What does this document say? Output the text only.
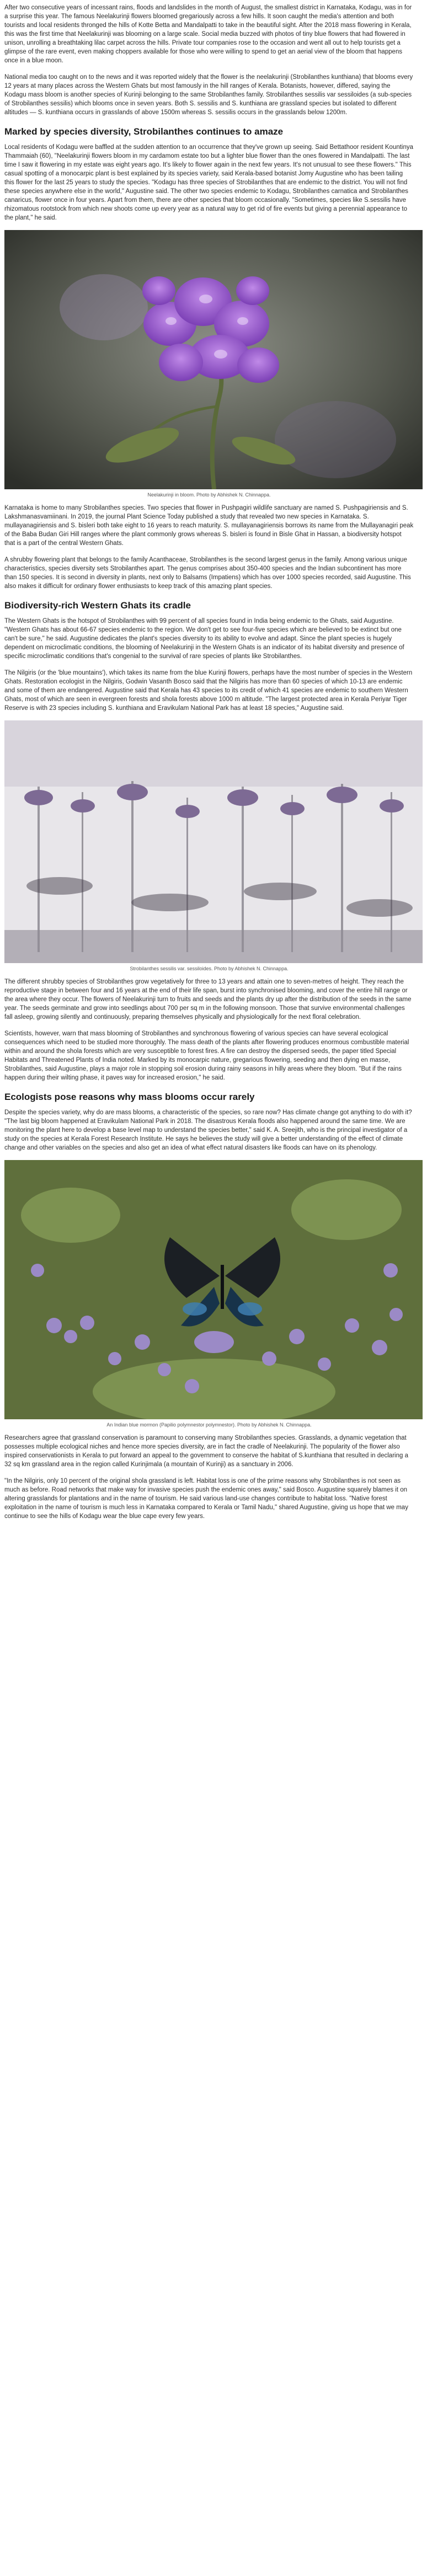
After two consecutive years of incessant rains, floods and landslides in the month of August, the smallest district in Karnataka, Kodagu, was in for a surprise this year. The famous Neelakurinji flowers bloomed gregariously across a few hills. It soon caught the media's attention and both tourists and local residents thronged the hills of Kotte Betta and Mandalpatti to take in the beautiful sight. After the 2018 mass flowering in Kerala, this was the first time that Neelakurinji was blooming on a large scale. Social media buzzed with photos of tiny blue flowers that had flowered in unison, unrolling a breathtaking lilac carpet across the hills. Private tour companies rose to the occasion and went all out to help tourists get a glimpse of the rare event, even making choppers available for those who were willing to spend to get an aerial view of the bloom that happens once in a blue moon.

National media too caught on to the news and it was reported widely that the flower is the neelakurinji (Strobilanthes kunthiana) that blooms every 12 years at many places across the Western Ghats but most famously in the hill ranges of Kerala. Botanists, however, differed, saying the Kodagu mass bloom is another species of Kurinji belonging to the same Strobilanthes family. Strobilanthes sessilis var sessiloides (a sub-species of Strobilanthes sessilis) which blooms once in seven years. Both S. sessilis and S. kunthiana are grassland species but isolated to different altitudes — S. kunthiana occurs in grasslands of above 1500m whereas S. sessilis occurs in the grasslands below 1200m.

Marked by species diversity, Strobilanthes continues to amaze

Local residents of Kodagu were baffled at the sudden attention to an occurrence that they've grown up seeing. Said Bettathoor resident Kountinya Thammaiah (60), "Neelakurinji flowers bloom in my cardamom estate too but a lighter blue flower than the ones flowered in Mandalpatti. The last time I saw it flowering in my estate was eight years ago. It's likely to flower again in the next few years. It's not unusual to see these flowers." This casual spotting of a monocarpic plant is best explained by its species variety, said Kerala-based botanist Jomy Augustine who has been tailing this flower for the last 25 years to study the species. "Kodagu has three species of Strobilanthes that are endemic to the district. You will not find these species anywhere else in the world," Augustine said. The other two species endemic to Kodagu, Strobilanthes carnatica and Strobilanthes canaricus, flower once in four years. Apart from them, there are other species that bloom occasionally. "Sometimes, species like S.sessilis have rhizomatous rootstock from which new shoots come up every year as a natural way to get rid of fire events but giving a perennial appearance to the plant," he said.

Neelakurinji in bloom. Photo by Abhishek N. Chinnappa.

Karnataka is home to many Strobilanthes species. Two species that flower in Pushpagiri wildlife sanctuary are named S. Pushpagiriensis and S. Lakshmanasvamiinani. In 2019, the journal Plant Science Today published a study that revealed two new species in Karnataka. S. mullayanagiriensis and S. bisleri both take eight to 16 years to reach maturity. S. mullayanagiriensis borrows its name from the Mullayanagiri peak of the Baba Budan Giri Hill ranges where the plant commonly grows whereas S. bisleri is found in Bisle Ghat in Hassan, a biodiversity hotspot that is a part of the central Western Ghats.

A shrubby flowering plant that belongs to the family Acanthaceae, Strobilanthes is the second largest genus in the family. Among various unique characteristics, species diversity sets Strobilanthes apart. The genus comprises about 350-400 species and the Indian subcontinent has more than 150 species. It is second in diversity in plants, next only to Balsams (Impatiens) which has over 1000 species recorded, said Augustine. This also makes it difficult for ordinary flower enthusiasts to keep track of this amazing plant species.

Biodiversity-rich Western Ghats its cradle

The Western Ghats is the hotspot of Strobilanthes with 99 percent of all species found in India being endemic to the Ghats, said Augustine. "Western Ghats has about 66-67 species endemic to the region. We don't get to see four-five species which are believed to be extinct but one can't be sure," he said. Augustine dedicates the plant's species diversity to its ability to evolve and adapt. Since the plant species is hugely dependent on microclimatic conditions, the blooming of Neelakurinji in the Western Ghats is an indicator of its habitat diversity and presence of specific microclimatic conditions that's congenial to the survival of rare species of plants like Strobilanthes.

The Nilgiris (or the 'blue mountains'), which takes its name from the blue Kurinji flowers, perhaps have the most number of species in the Western Ghats. Restoration ecologist in the Nilgiris, Godwin Vasanth Bosco said that the Nilgiris has more than 60 species of which 10-13 are endemic and some of them are endangered. Augustine said that Kerala has 43 species to its credit of which 41 species are endemic to southern Western Ghats, most of which are seen in evergreen forests and shola forests above 1000 m altitude. "The largest protected area in Kerala Periyar Tiger Reserve is with 23 species including S. kunthiana and Eravikulam National Park has at least 18 species," Augustine said.

Strobilanthes sessilis var. sessiloides. Photo by Abhishek N. Chinnappa.

The different shrubby species of Strobilanthes grow vegetatively for three to 13 years and attain one to seven-metres of height. They reach the reproductive stage in between four and 16 years at the end of their life span, burst into synchronised blooming, and cover the entire hill range or the area where they occur. The flowers of Neelakurinji turn to fruits and seeds and the plants dry up after the distribution of the seeds in the same year. The seeds germinate and grow into seedlings about 700 per sq m in the following monsoon. Those that survive environmental challenges fall asleep, growing silently and continuously, preparing themselves physically and physiologically for the next floral celebration.

Scientists, however, warn that mass blooming of Strobilanthes and synchronous flowering of various species can have several ecological consequences which need to be studied more thoroughly. The mass death of the plants after flowering produces enormous combustible material within and around the shola forests which are very susceptible to forest fires. A fire can destroy the dispersed seeds, the paper titled Special Habitats and Threatened Plants of India noted. Marked by its monocarpic nature, gregarious flowering, seeding and then dying en masse, Strobilanthes, said Augustine, plays a major role in stopping soil erosion during rainy seasons in hilly areas where they bloom. "But if the rains happen during their wilting phase, it paves way for increased erosion," he said.

Ecologists pose reasons why mass blooms occur rarely

Despite the species variety, why do are mass blooms, a characteristic of the species, so rare now? Has climate change got anything to do with it? "The last big bloom happened at Eravikulam National Park in 2018. The disastrous Kerala floods also happened around the same time. We are monitoring the plant here to develop a base level map to understand the species better," said K. A. Sreejith, who is the principal investigator of a study on the species at Kerala Forest Research Institute. He says he believes the study will give a better understanding of the effect of climate change and other variables on the species and also get an idea of what effect natural disasters like floods can have on its phenology.

An Indian blue mormon (Papilio polymnestor polymnestor). Photo by Abhishek N. Chinnappa.

Researchers agree that grassland conservation is paramount to conserving many Strobilanthes species. Grasslands, a dynamic vegetation that possesses multiple ecological niches and hence more species diversity, are in fact the cradle of Neelakurinji. The popularity of the flower also inspired conservationists in Kerala to put forward an appeal to the government to conserve the habitat of S.kunthiana that resulted in declaring a 32 sq km grassland area in the region called Kurinjimala (a mountain of Kurinji) as a sanctuary in 2006.

"In the Nilgiris, only 10 percent of the original shola grassland is left. Habitat loss is one of the prime reasons why Strobilanthes is not seen as much as before. Road networks that make way for invasive species push the endemic ones away," said Bosco. Augustine squarely blames it on altering grasslands for plantations and in the name of tourism. He said various land-use changes contribute to habitat loss. "Native forest exploitation in the name of tourism is much less in Karnataka compared to Kerala or Tamil Nadu," shared Augustine, giving us hope that we may continue to see the hills of Kodagu wear the blue cape every few years.
